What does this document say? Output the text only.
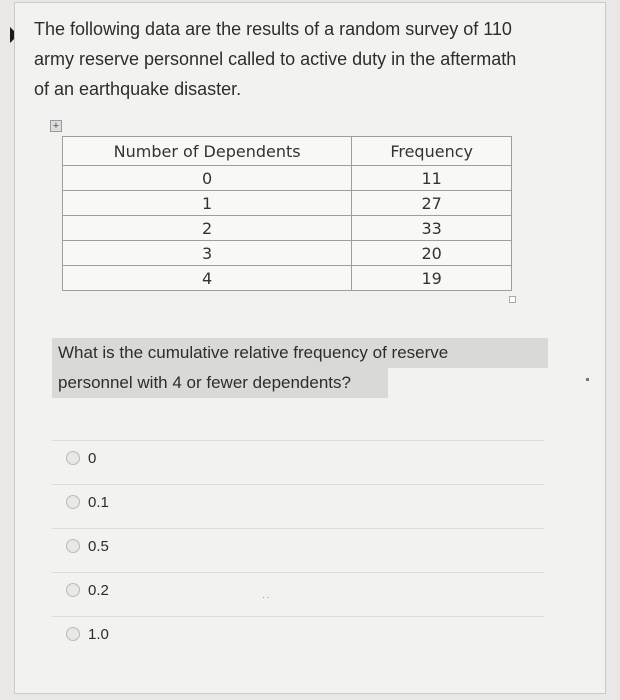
The following data are the results of a random survey of 110 army reserve personnel called to active duty in the aftermath of an earthquake disaster.

+
Number of Dependents	Frequency
0	11
1	27
2	33
3	20
4	19
What is the cumulative relative frequency of reserve
personnel with 4 or fewer dependents?
0
0.1
0.5
0.2
1.0
··
